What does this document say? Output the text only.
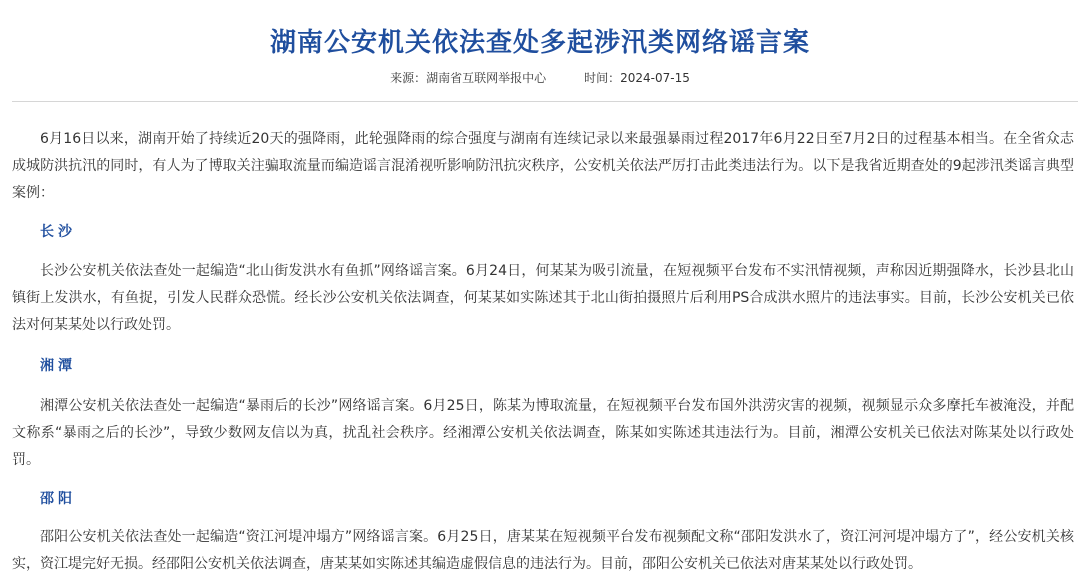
湖南公安机关依法查处多起涉汛类网络谣言案
来源：湖南省互联网举报中心	时间：2024-07-15

6月16日以来，湖南开始了持续近20天的强降雨，此轮强降雨的综合强度与湖南有连续记录以来最强暴雨过程2017年6月22日至7月2日的过程基本相当。在全省众志成城防洪抗汛的同时，有人为了博取关注骗取流量而编造谣言混淆视听影响防汛抗灾秩序，公安机关依法严厉打击此类违法行为。以下是我省近期查处的9起涉汛类谣言典型案例：

长沙

长沙公安机关依法查处一起编造“北山街发洪水有鱼抓”网络谣言案。6月24日，何某某为吸引流量，在短视频平台发布不实汛情视频，声称因近期强降水，长沙县北山镇街上发洪水，有鱼捉，引发人民群众恐慌。经长沙公安机关依法调查，何某某如实陈述其于北山街拍摄照片后利用PS合成洪水照片的违法事实。目前，长沙公安机关已依法对何某某处以行政处罚。

湘潭

湘潭公安机关依法查处一起编造“暴雨后的长沙”网络谣言案。6月25日，陈某为博取流量，在短视频平台发布国外洪涝灾害的视频，视频显示众多摩托车被淹没，并配文称系“暴雨之后的长沙”，导致少数网友信以为真，扰乱社会秩序。经湘潭公安机关依法调查，陈某如实陈述其违法行为。目前，湘潭公安机关已依法对陈某处以行政处罚。

邵阳

邵阳公安机关依法查处一起编造“资江河堤冲塌方”网络谣言案。6月25日，唐某某在短视频平台发布视频配文称“邵阳发洪水了，资江河河堤冲塌方了”，经公安机关核实，资江堤完好无损。经邵阳公安机关依法调查，唐某某如实陈述其编造虚假信息的违法行为。目前，邵阳公安机关已依法对唐某某处以行政处罚。
